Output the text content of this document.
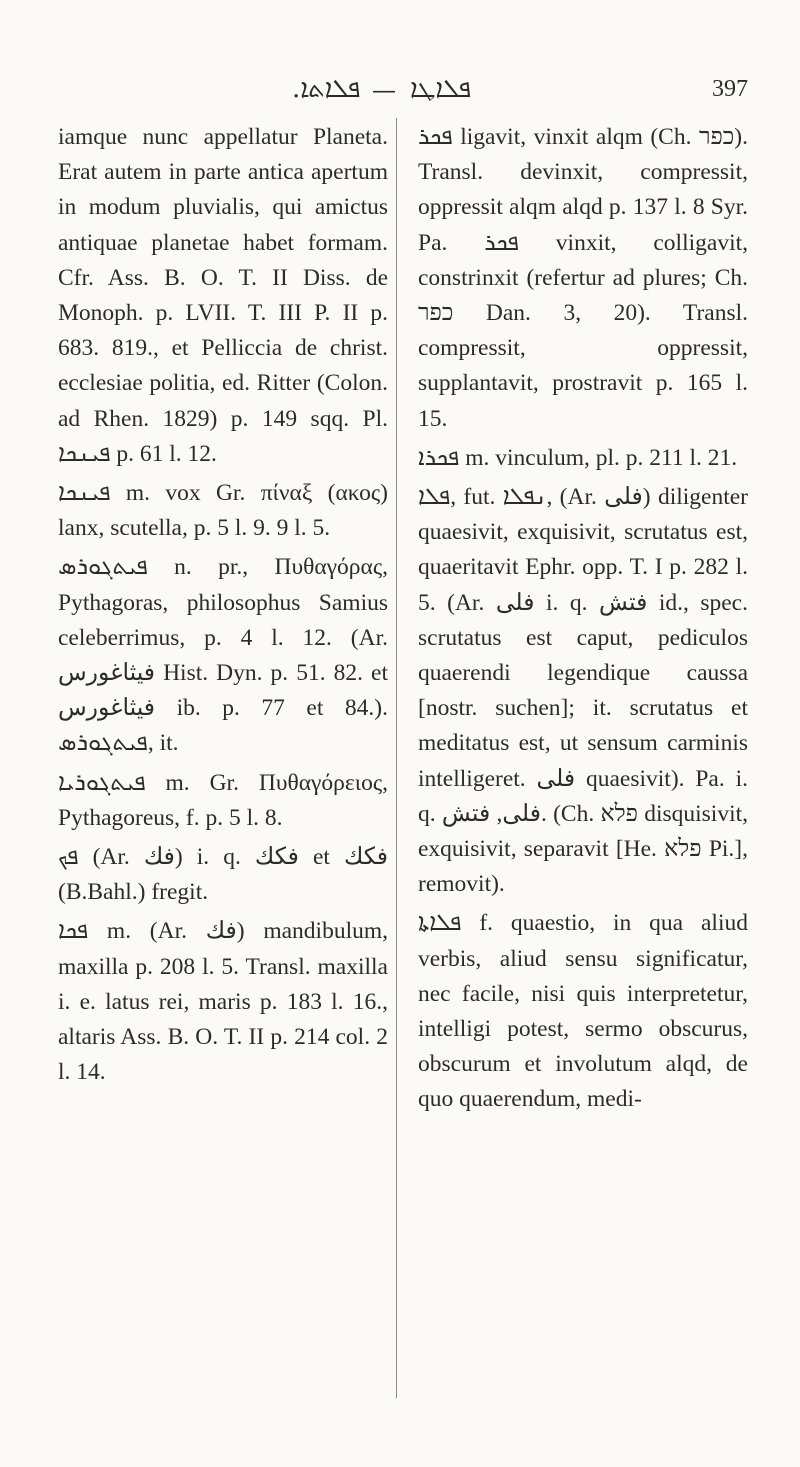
.ܦܠܐܬܐ — ܦܠܐܛܐ	397

iamque nunc appellatur Planeta. Erat autem in parte antica apertum in modum pluvialis, qui amictus antiquae planetae habet formam. Cfr. Ass. B. O. T. II Diss. de Monoph. p. LVII. T. III P. II p. 683. 819., et Pelliccia de christ. ecclesiae politia, ed. Ritter (Colon. ad Rhen. 1829) p. 149 sqq. Pl. ܦܝܢܟܐ p. 61 l. 12.

ܦܝܢܟܐ m. vox Gr. πίναξ (ακος) lanx, scutella, p. 5 l. 9. 9 l. 5.

ܦܝܬܓܘܪܣ n. pr., Πυθαγόρας, Pythagoras, philosophus Samius celeberrimus, p. 4 l. 12. (Ar. فيثاغورس Hist. Dyn. p. 51. 82. et فيثاغورس ib. p. 77 et 84.). ܦܝܬܓܘܪܣ, it.

ܦܝܬܓܘܪܝܐ m. Gr. Πυθαγόρειος, Pythagoreus, f. p. 5 l. 8.

ܦܟ (Ar. فك) i. q. فكك et فكك (B.Bahl.) fregit.

ܦܟܐ m. (Ar. فك) mandibulum, maxilla p. 208 l. 5. Transl. maxilla i. e. latus rei, maris p. 183 l. 16., altaris Ass. B. O. T. II p. 214 col. 2 l. 14.

ܦܟܪ ligavit, vinxit alqm (Ch. כפר). Transl. devinxit, compressit, oppressit alqm alqd p. 137 l. 8 Syr. Pa. ܦܟܪ vinxit, colligavit, constrinxit (refertur ad plures; Ch. כפר Dan. 3, 20). Transl. compressit, oppressit, supplantavit, prostravit p. 165 l. 15.

ܦܟܪܐ m. vinculum, pl. p. 211 l. 21.

ܦܠܐ, fut. ܢܦܠܐ, (Ar. فلى) diligenter quaesivit, exquisivit, scrutatus est, quaeritavit Ephr. opp. T. I p. 282 l. 5. (Ar. فلى i. q. فتش id., spec. scrutatus est caput, pediculos quaerendi legendique caussa [nostr. suchen]; it. scrutatus et meditatus est, ut sensum carminis intelligeret. فلى quaesivit). Pa. i. q. فلى, فتش. (Ch. פלא disquisivit, exquisivit, separavit [He. פלא Pi.], removit).

ܦܠܐܬܐ f. quaestio, in qua aliud verbis, aliud sensu significatur, nec facile, nisi quis interpretetur, intelligi potest, sermo obscurus, obscurum et involutum alqd, de quo quaerendum, medi-
